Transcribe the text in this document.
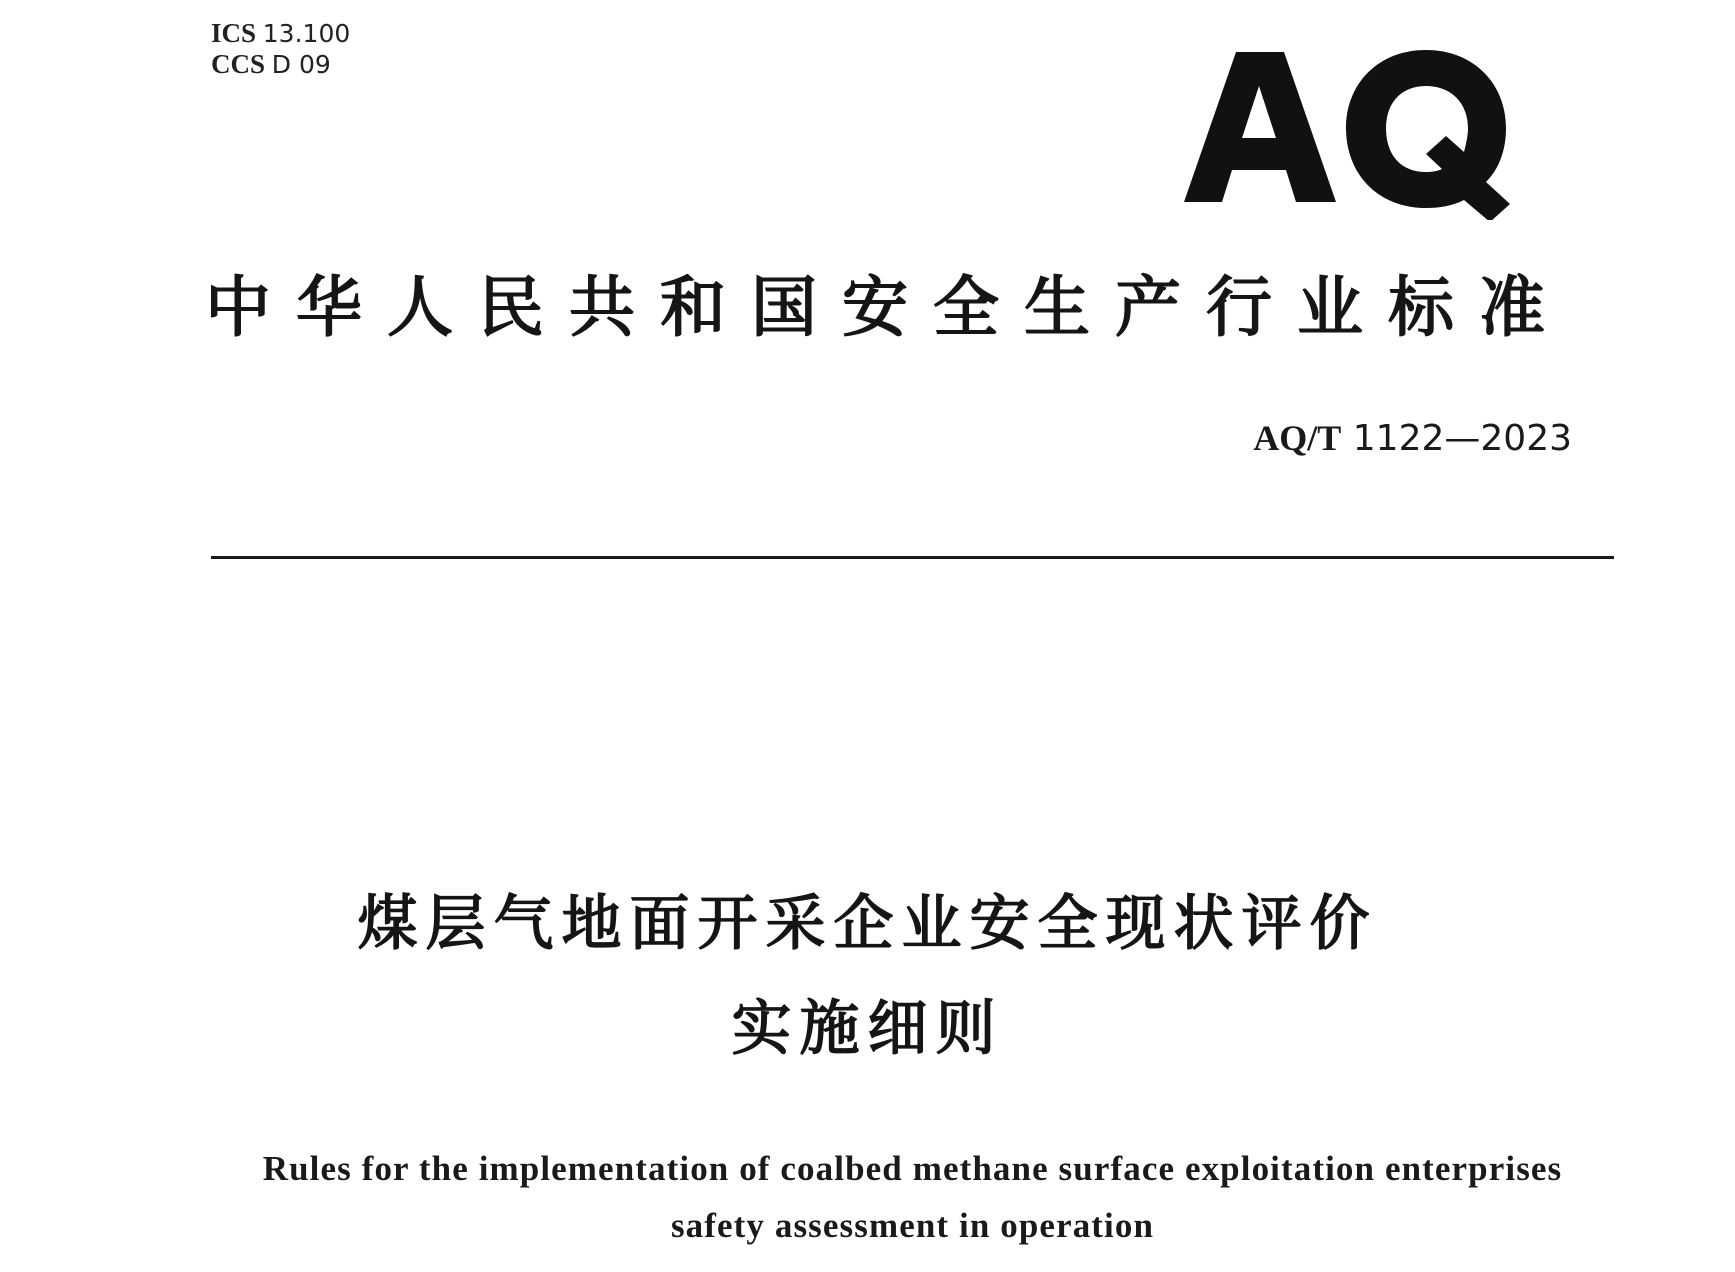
ICS 13.100
CCS D 09
中华人民共和国安全生产行业标准
AQ/T 1122—2023
煤层气地面开采企业安全现状评价
实施细则
Rules for the implementation of coalbed methane surface exploitation enterprises
safety assessment in operation
